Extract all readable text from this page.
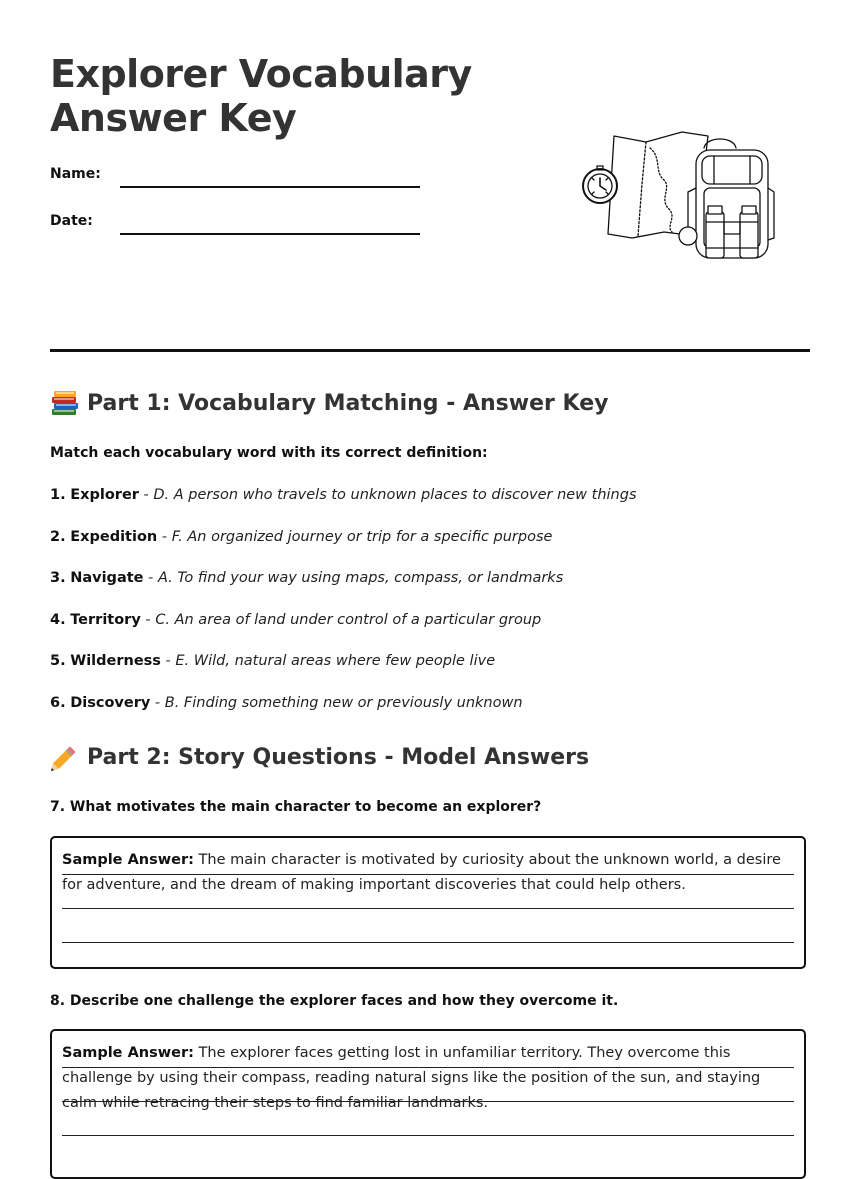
Explorer Vocabulary
Answer Key
Name:
Date:
Part 1: Vocabulary Matching - Answer Key
Match each vocabulary word with its correct definition:
1. Explorer - D. A person who travels to unknown places to discover new things
2. Expedition - F. An organized journey or trip for a specific purpose
3. Navigate - A. To find your way using maps, compass, or landmarks
4. Territory - C. An area of land under control of a particular group
5. Wilderness - E. Wild, natural areas where few people live
6. Discovery - B. Finding something new or previously unknown
Part 2: Story Questions - Model Answers
7. What motivates the main character to become an explorer?

Sample Answer: The main character is motivated by curiosity about the unknown world, a desire for adventure, and the dream of making important discoveries that could help others.

8. Describe one challenge the explorer faces and how they overcome it.

Sample Answer: The explorer faces getting lost in unfamiliar territory. They overcome this challenge by using their compass, reading natural signs like the position of the sun, and staying calm while retracing their steps to find familiar landmarks.
